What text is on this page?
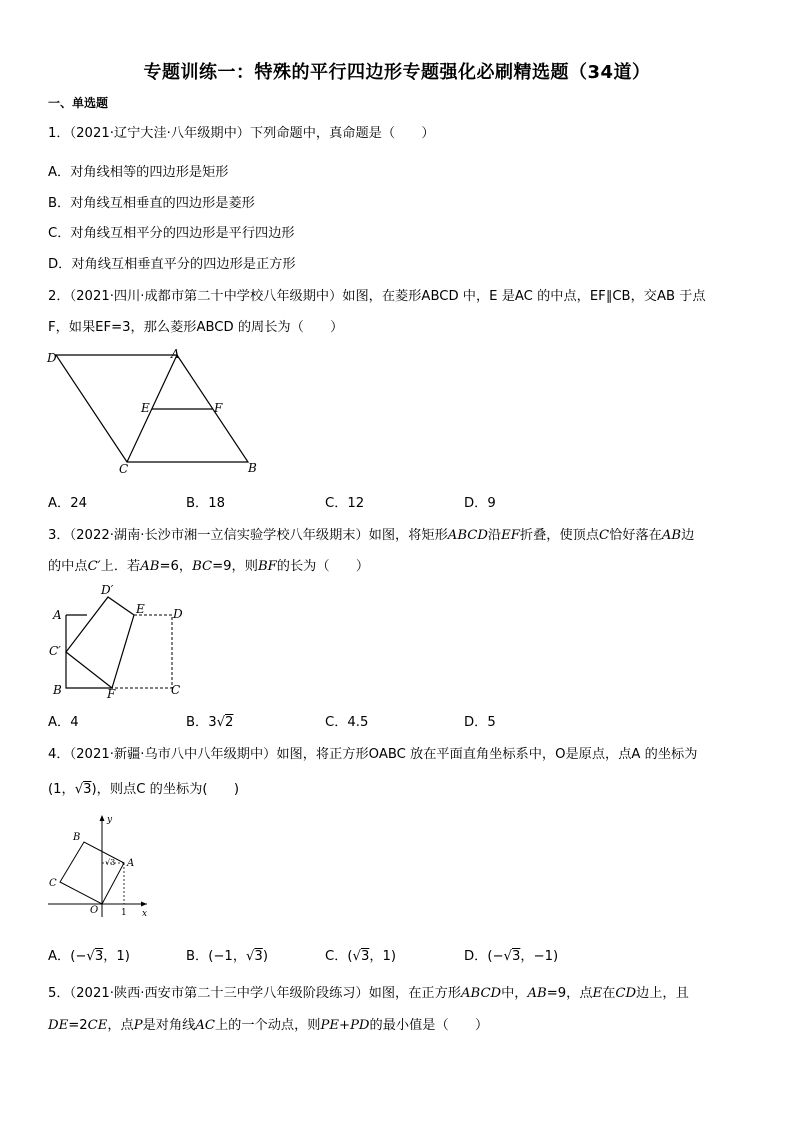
专题训练一：特殊的平行四边形专题强化必刷精选题（34道）
一、单选题
1．（2021·辽宁大洼·八年级期中）下列命题中，真命题是（　　）
A．对角线相等的四边形是矩形
B．对角线互相垂直的四边形是菱形
C．对角线互相平分的四边形是平行四边形
D．对角线互相垂直平分的四边形是正方形
2．（2021·四川·成都市第二十中学校八年级期中）如图，在菱形ABCD 中，E 是AC 的中点，EF∥CB，交AB 于点
F，如果EF=3，那么菱形ABCD 的周长为（　　）
D	A
E	F
C	B
A．24	B．18	C．12	D．9
3．（2022·湖南·长沙市湘一立信实验学校八年级期末）如图，将矩形ABCD沿EF折叠，使顶点C恰好落在AB边
的中点C′上．若AB=6，BC=9，则BF的长为（　　）
A
D′
E D
C′
B	F	C
A．4	B．3√2	C．4.5	D．5
4．（2021·新疆·乌市八中八年级期中）如图，将正方形OABC 放在平面直角坐标系中，O是原点，点A 的坐标为
(1，√3)，则点C 的坐标为(　　)
y
B
A
C
O	1 x
√3
A．(−√3，1)	B．(−1，√3)	C．(√3，1)	D．(−√3，−1)
5．（2021·陕西·西安市第二十三中学八年级阶段练习）如图，在正方形ABCD中，AB=9，点E在CD边上，且
DE=2CE，点P是对角线AC上的一个动点，则PE+PD的最小值是（　　）
